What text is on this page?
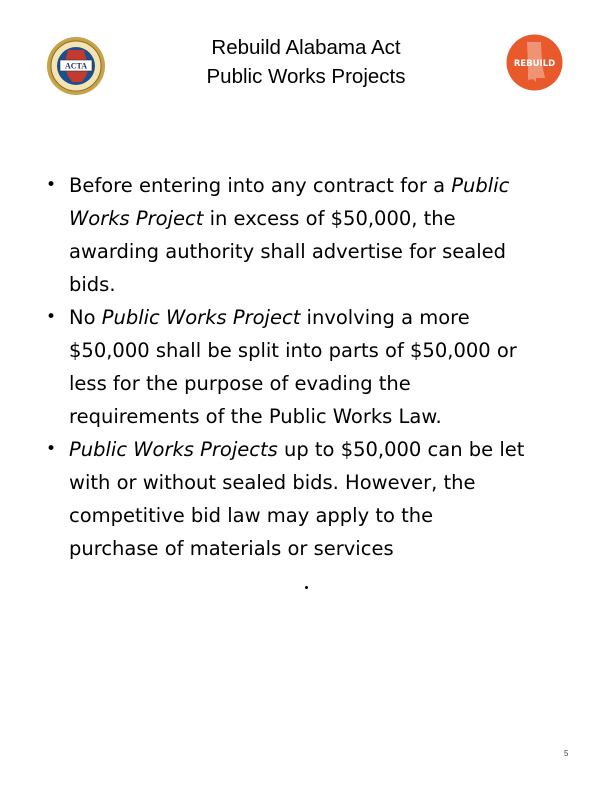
ACTA
Rebuild Alabama Act
Public Works Projects
REBUILD
• Before entering into any contract for a Public
Works Project in excess of $50,000, the
awarding authority shall advertise for sealed
bids.
• No Public Works Project involving a more
$50,000 shall be split into parts of $50,000 or
less for the purpose of evading the
requirements of the Public Works Law.
• Public Works Projects up to $50,000 can be let
with or without sealed bids. However, the
competitive bid law may apply to the
purchase of materials or services
5
